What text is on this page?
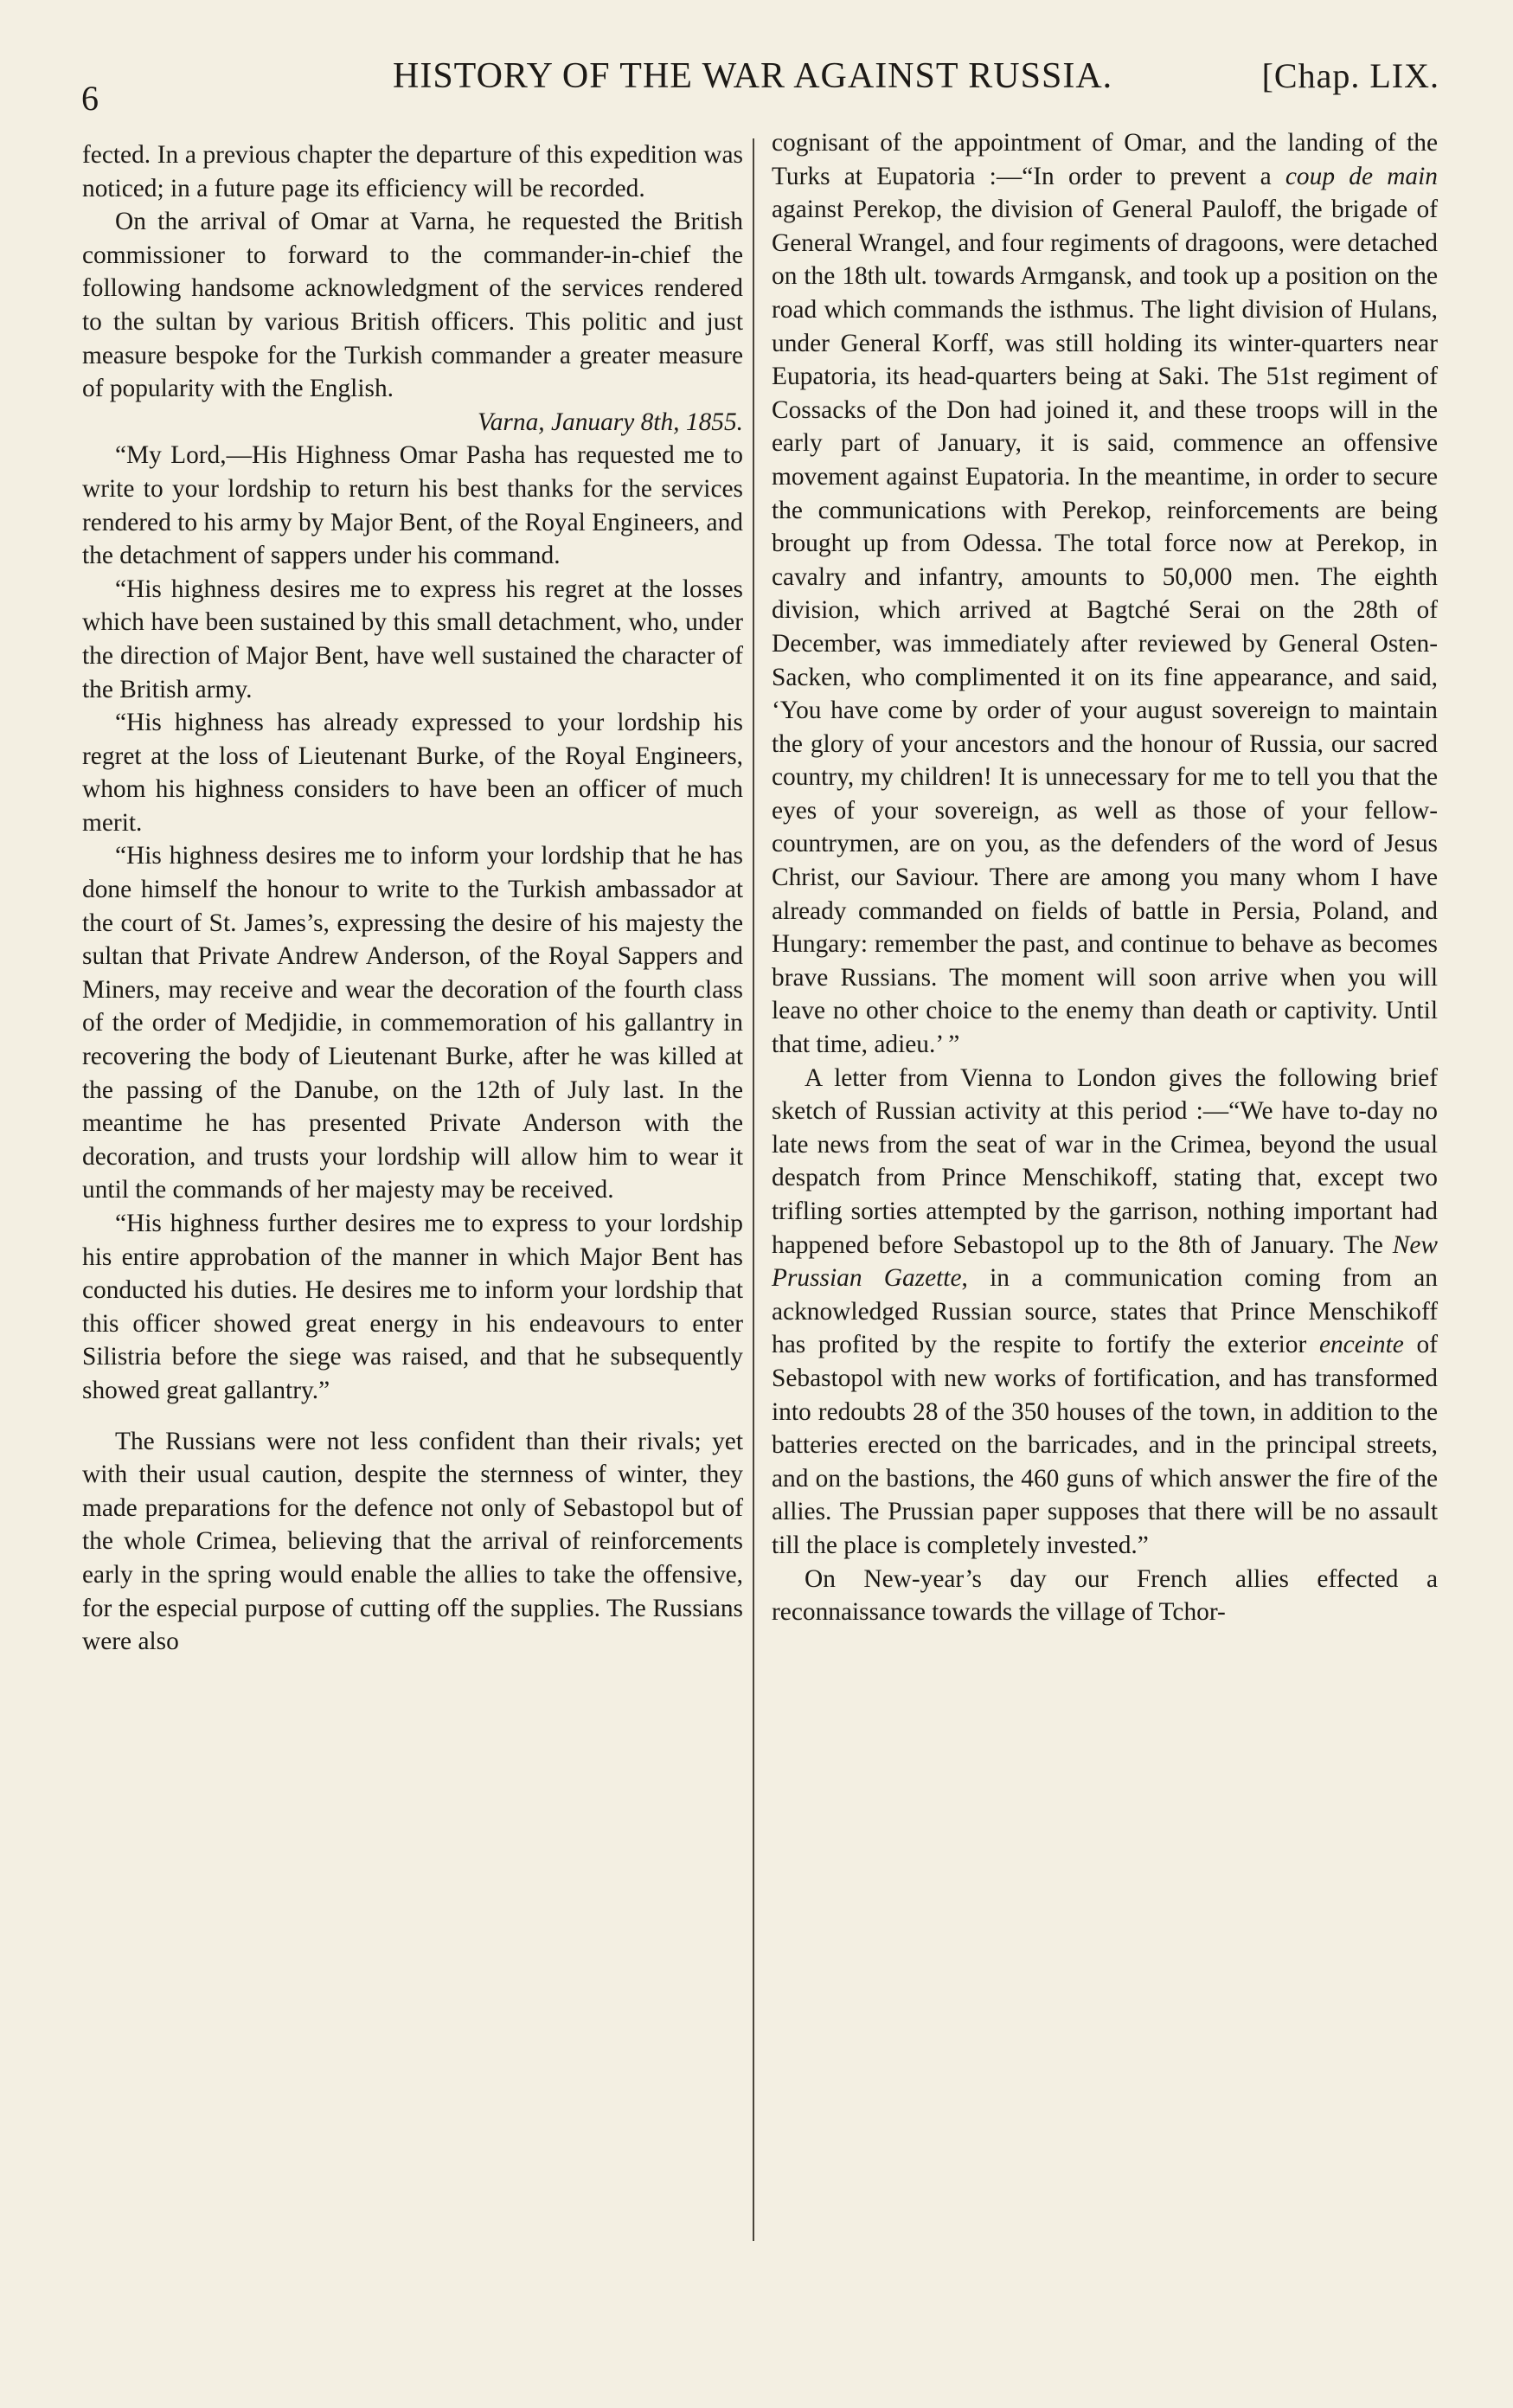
6
HISTORY OF THE WAR AGAINST RUSSIA.	[Chap. LIX.

fected. In a previous chapter the departure of this expedition was noticed; in a future page its efficiency will be recorded.

On the arrival of Omar at Varna, he requested the British commissioner to forward to the commander-in-chief the following handsome acknowledgment of the services rendered to the sultan by various British officers. This politic and just measure bespoke for the Turkish commander a greater measure of popularity with the English.

Varna, January 8th, 1855.

“My Lord,—His Highness Omar Pasha has requested me to write to your lordship to return his best thanks for the services rendered to his army by Major Bent, of the Royal Engineers, and the detachment of sappers under his command.

“His highness desires me to express his regret at the losses which have been sustained by this small detachment, who, under the direction of Major Bent, have well sustained the character of the British army.

“His highness has already expressed to your lordship his regret at the loss of Lieutenant Burke, of the Royal Engineers, whom his highness considers to have been an officer of much merit.

“His highness desires me to inform your lordship that he has done himself the honour to write to the Turkish ambassador at the court of St. James’s, expressing the desire of his majesty the sultan that Private Andrew Anderson, of the Royal Sappers and Miners, may receive and wear the decoration of the fourth class of the order of Medjidie, in commemoration of his gallantry in recovering the body of Lieutenant Burke, after he was killed at the passing of the Danube, on the 12th of July last. In the meantime he has presented Private Anderson with the decoration, and trusts your lordship will allow him to wear it until the commands of her majesty may be received.

“His highness further desires me to express to your lordship his entire approbation of the manner in which Major Bent has conducted his duties. He desires me to inform your lordship that this officer showed great energy in his endeavours to enter Silistria before the siege was raised, and that he subsequently showed great gallantry.”

The Russians were not less confident than their rivals; yet with their usual caution, despite the sternness of winter, they made preparations for the defence not only of Sebastopol but of the whole Crimea, believing that the arrival of reinforcements early in the spring would enable the allies to take the offensive, for the especial purpose of cutting off the supplies. The Russians were also

cognisant of the appointment of Omar, and the landing of the Turks at Eupatoria :—“In order to prevent a coup de main against Perekop, the division of General Pauloff, the brigade of General Wrangel, and four regiments of dragoons, were detached on the 18th ult. towards Armgansk, and took up a position on the road which commands the isthmus. The light division of Hulans, under General Korff, was still holding its winter-quarters near Eupatoria, its head-quarters being at Saki. The 51st regiment of Cossacks of the Don had joined it, and these troops will in the early part of January, it is said, commence an offensive movement against Eupatoria. In the meantime, in order to secure the communications with Perekop, reinforcements are being brought up from Odessa. The total force now at Perekop, in cavalry and infantry, amounts to 50,000 men. The eighth division, which arrived at Bagtché Serai on the 28th of December, was immediately after reviewed by General Osten-Sacken, who complimented it on its fine appearance, and said, ‘You have come by order of your august sovereign to maintain the glory of your ancestors and the honour of Russia, our sacred country, my children! It is unnecessary for me to tell you that the eyes of your sovereign, as well as those of your fellow-countrymen, are on you, as the defenders of the word of Jesus Christ, our Saviour. There are among you many whom I have already commanded on fields of battle in Persia, Poland, and Hungary: remember the past, and continue to behave as becomes brave Russians. The moment will soon arrive when you will leave no other choice to the enemy than death or captivity. Until that time, adieu.’ ”

A letter from Vienna to London gives the following brief sketch of Russian activity at this period :—“We have to-day no late news from the seat of war in the Crimea, beyond the usual despatch from Prince Menschikoff, stating that, except two trifling sorties attempted by the garrison, nothing important had happened before Sebastopol up to the 8th of January. The New Prussian Gazette, in a communication coming from an acknowledged Russian source, states that Prince Menschikoff has profited by the respite to fortify the exterior enceinte of Sebastopol with new works of fortification, and has transformed into redoubts 28 of the 350 houses of the town, in addition to the batteries erected on the barricades, and in the principal streets, and on the bastions, the 460 guns of which answer the fire of the allies. The Prussian paper supposes that there will be no assault till the place is completely invested.”

On New-year’s day our French allies effected a reconnaissance towards the village of Tchor-
